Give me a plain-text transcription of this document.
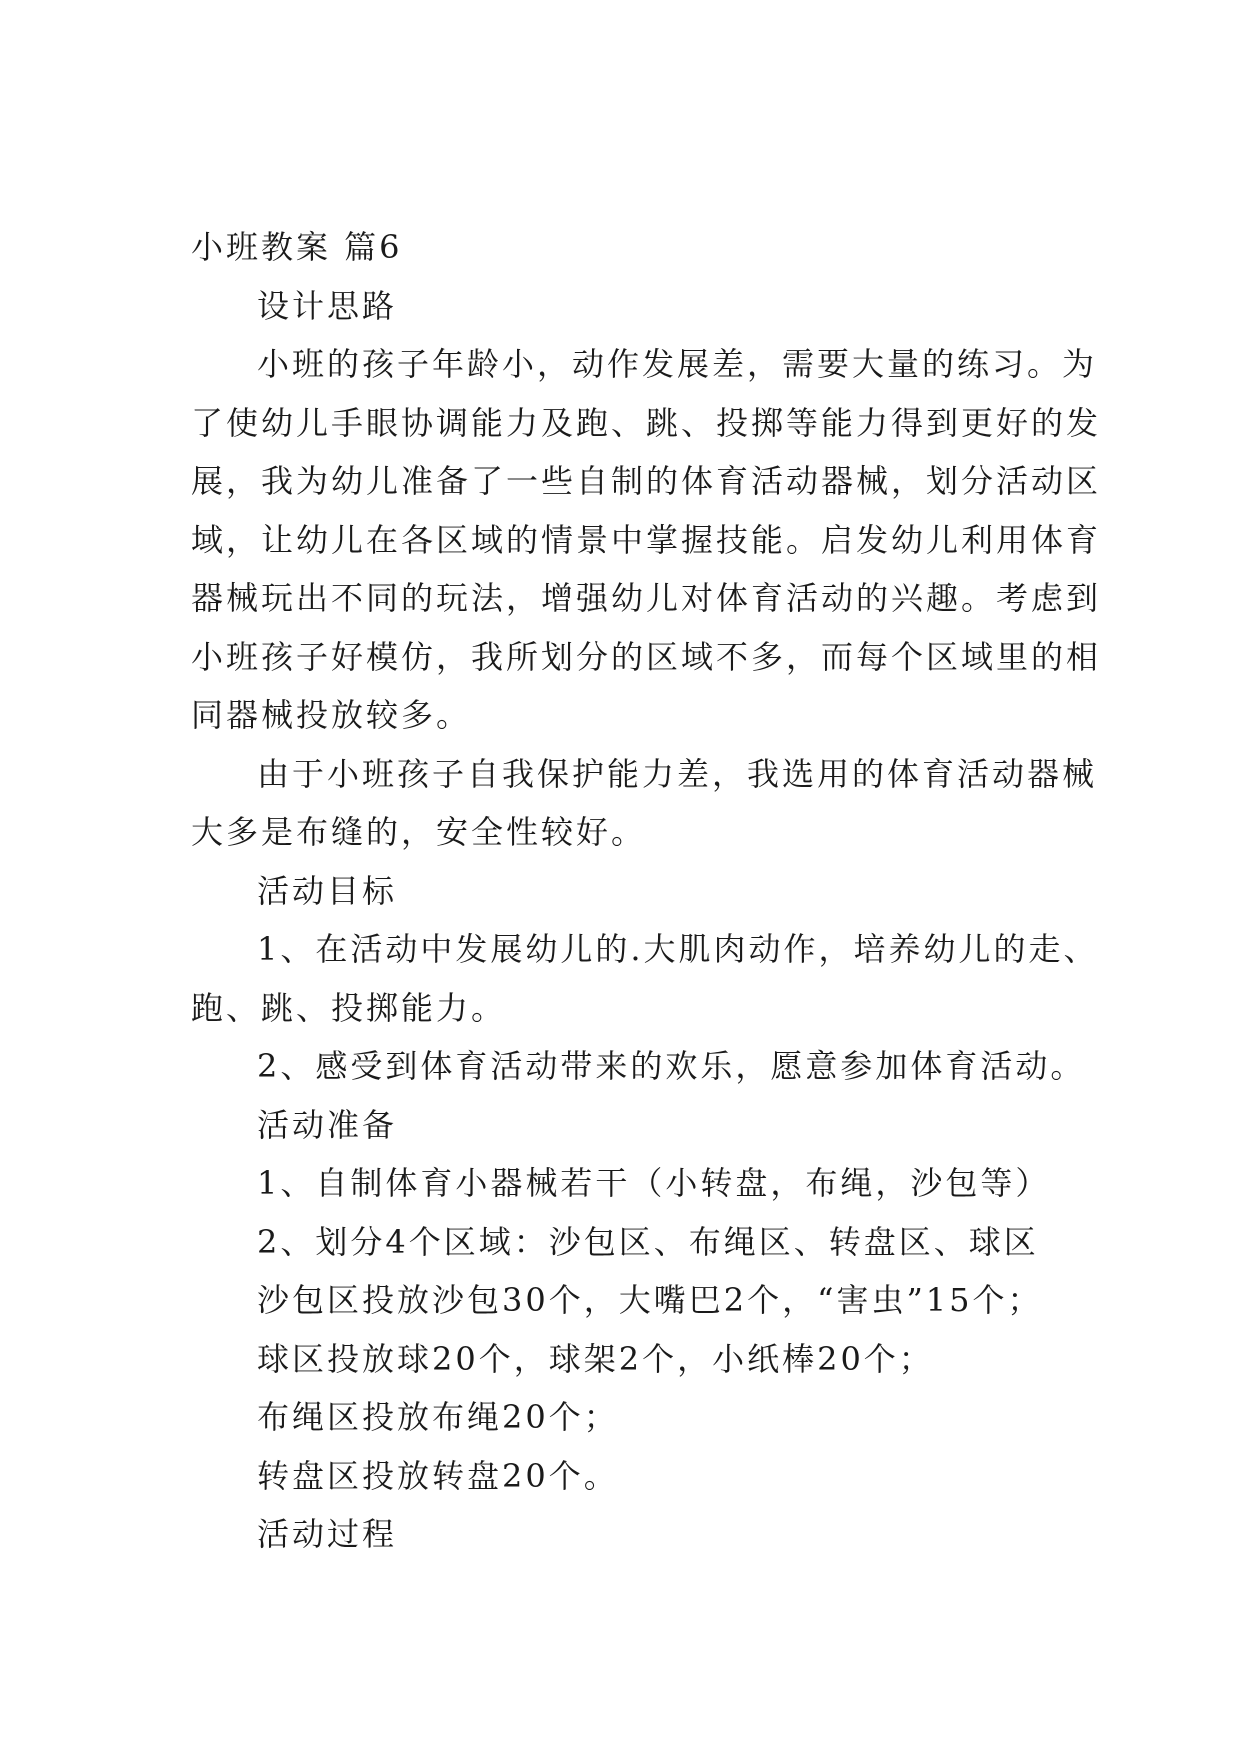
小班教案 篇6

设计思路

小班的孩子年龄小，动作发展差，需要大量的练习。为

了使幼儿手眼协调能力及跑、跳、投掷等能力得到更好的发

展，我为幼儿准备了一些自制的体育活动器械，划分活动区

域，让幼儿在各区域的情景中掌握技能。启发幼儿利用体育

器械玩出不同的玩法，增强幼儿对体育活动的兴趣。考虑到

小班孩子好模仿，我所划分的区域不多，而每个区域里的相

同器械投放较多。

由于小班孩子自我保护能力差，我选用的体育活动器械

大多是布缝的，安全性较好。

活动目标

1、在活动中发展幼儿的.大肌肉动作，培养幼儿的走、

跑、跳、投掷能力。

2、感受到体育活动带来的欢乐，愿意参加体育活动。

活动准备

1、自制体育小器械若干（小转盘，布绳，沙包等）

2、划分4个区域：沙包区、布绳区、转盘区、球区

沙包区投放沙包30个，大嘴巴2个，“害虫”15个；

球区投放球20个，球架2个，小纸棒20个；

布绳区投放布绳20个；

转盘区投放转盘20个。

活动过程
